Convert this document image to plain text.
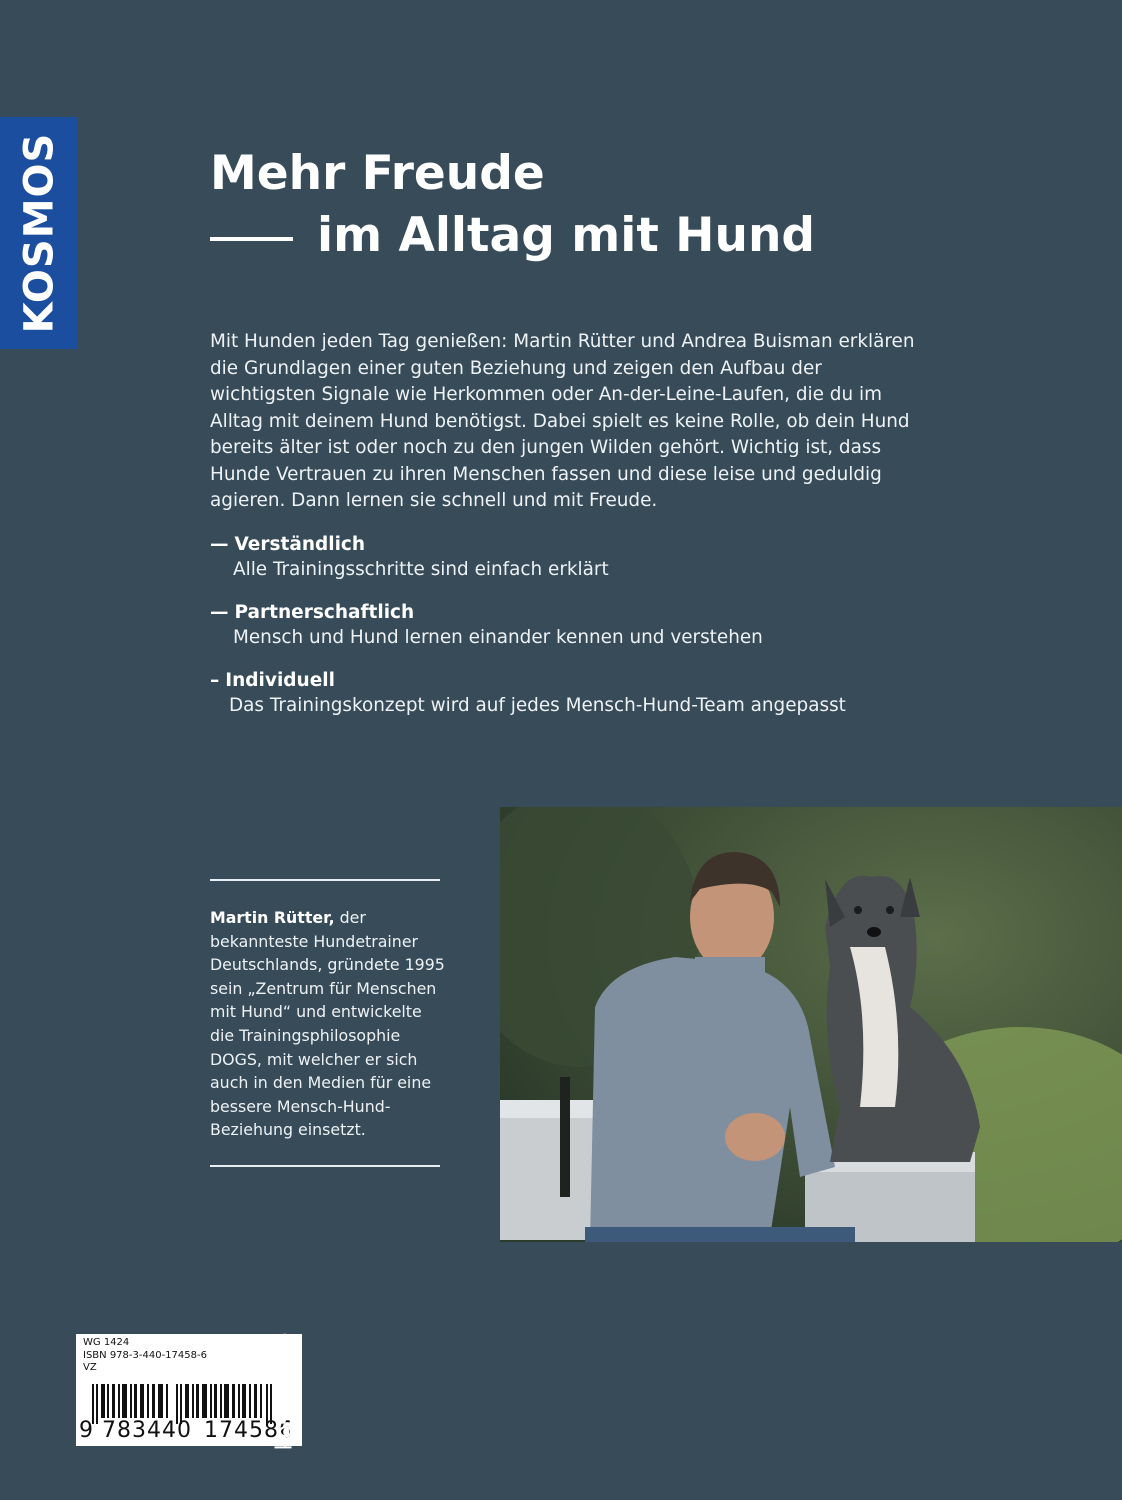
KOSMOS	Mehr Freude
im Alltag mit Hund
Mit Hunden jeden Tag genießen: Martin Rütter und Andrea Buisman erklären die Grundlagen einer guten Beziehung und zeigen den Aufbau der wichtigsten Signale wie Herkommen oder An-der-Leine-Laufen, die du im Alltag mit deinem Hund benötigst. Dabei spielt es keine Rolle, ob dein Hund bereits älter ist oder noch zu den jungen Wilden gehört. Wichtig ist, dass Hunde Vertrauen zu ihren Menschen fassen und diese leise und geduldig agieren. Dann lernen sie schnell und mit Freude.
— Verständlich
Alle Trainingsschritte sind einfach erklärt
— Partnerschaftlich
Mensch und Hund lernen einander kennen und verstehen
– Individuell
Das Trainingskonzept wird auf jedes Mensch-Hund-Team angepasst
Martin Rütter, der bekannteste Hundetrainer Deutschlands, gründete 1995 sein „Zentrum für Menschen mit Hund“ und entwickelte die Trainingsphilosophie DOGS, mit welcher er sich auch in den Medien für eine bessere Mensch-Hund-Beziehung einsetzt.
WG 1424
ISBN 978-3-440-17458-6
VZ
9 783440 174586
kosmos.de
